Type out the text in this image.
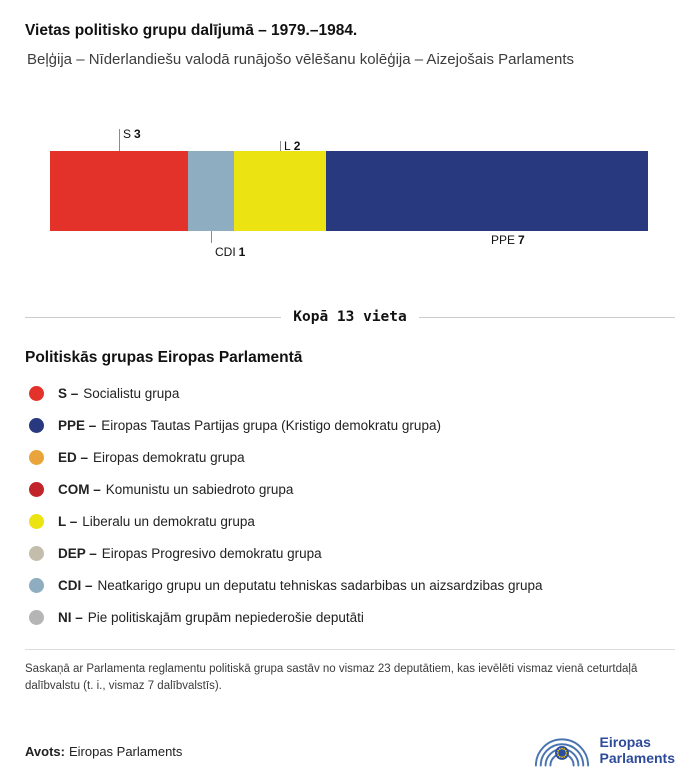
Vietas politisko grupu dalījumā – 1979.–1984.

Beļģija – Nīderlandiešu valodā runājošo vēlēšanu kolēģija – Aizejošais Parlaments

S 3
CDI 1
L 2
PPE 7
Kopā 13 vieta
Politiskās grupas Eiropas Parlamentā
S – Socialistu grupa
PPE – Eiropas Tautas Partijas grupa (Kristigo demokratu grupa)
ED – Eiropas demokratu grupa
COM – Komunistu un sabiedroto grupa
L – Liberalu un demokratu grupa
DEP – Eiropas Progresivo demokratu grupa
CDI – Neatkarigo grupu un deputatu tehniskas sadarbibas un aizsardzibas grupa
NI – Pie politiskajām grupām nepiederošie deputāti
Saskaņā ar Parlamenta reglamentu politiskā grupa sastāv no vismaz 23 deputātiem, kas ievēlēti vismaz vienā ceturtdaļā dalībvalstu (t. i., vismaz 7 dalībvalstīs).
Avots: Eiropas Parlaments
Eiropas
Parlaments
